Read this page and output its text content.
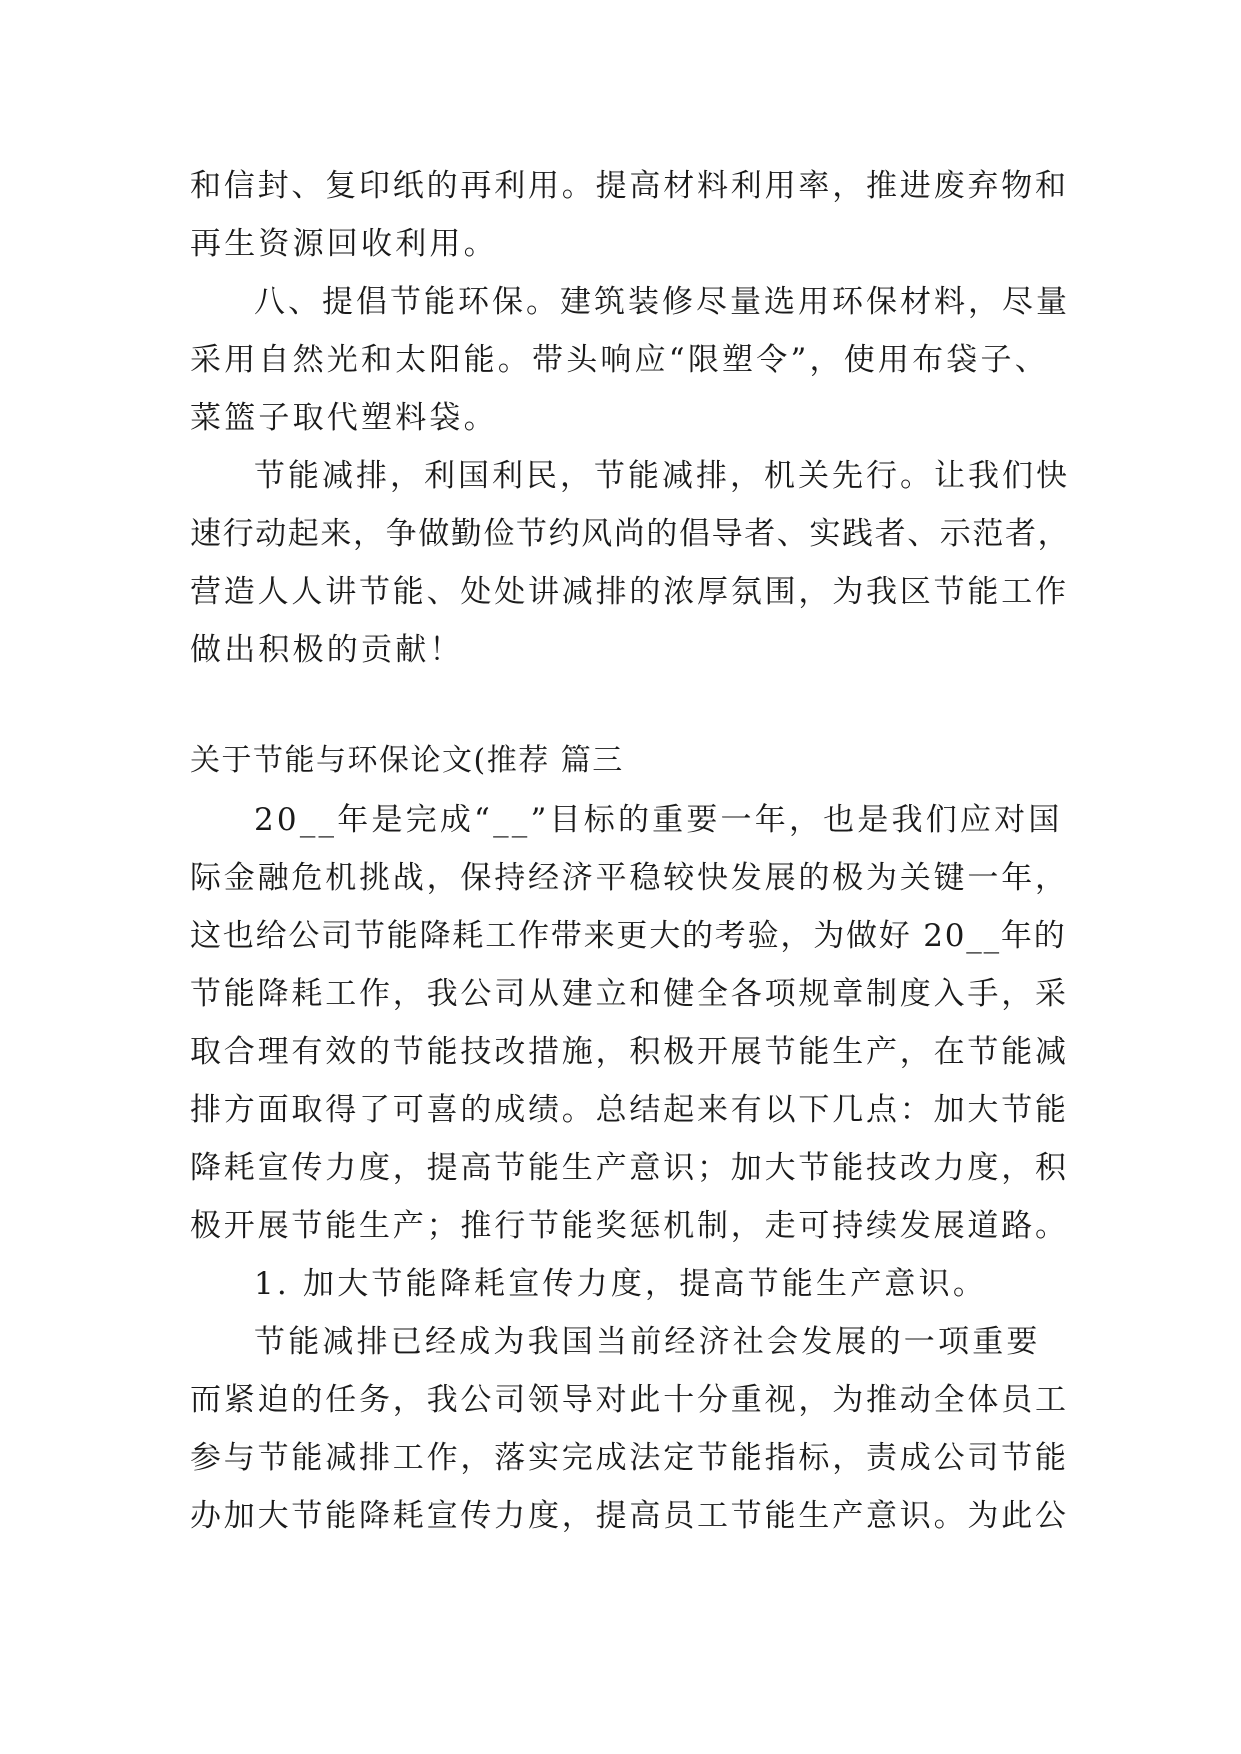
和信封、复印纸的再利用。提高材料利用率，推进废弃物和
再生资源回收利用。
八、提倡节能环保。建筑装修尽量选用环保材料，尽量
采用自然光和太阳能。带头响应“限塑令”，使用布袋子、
菜篮子取代塑料袋。
节能减排，利国利民，节能减排，机关先行。让我们快
速行动起来，争做勤俭节约风尚的倡导者、实践者、示范者，
营造人人讲节能、处处讲减排的浓厚氛围，为我区节能工作
做出积极的贡献！
关于节能与环保论文(推荐 篇三
20__年是完成“__”目标的重要一年，也是我们应对国
际金融危机挑战，保持经济平稳较快发展的极为关键一年，
这也给公司节能降耗工作带来更大的考验，为做好 20__年的
节能降耗工作，我公司从建立和健全各项规章制度入手，采
取合理有效的节能技改措施，积极开展节能生产，在节能减
排方面取得了可喜的成绩。总结起来有以下几点：加大节能
降耗宣传力度，提高节能生产意识；加大节能技改力度，积
极开展节能生产；推行节能奖惩机制，走可持续发展道路。
1. 加大节能降耗宣传力度，提高节能生产意识。
节能减排已经成为我国当前经济社会发展的一项重要
而紧迫的任务，我公司领导对此十分重视，为推动全体员工
参与节能减排工作，落实完成法定节能指标，责成公司节能
办加大节能降耗宣传力度，提高员工节能生产意识。为此公
